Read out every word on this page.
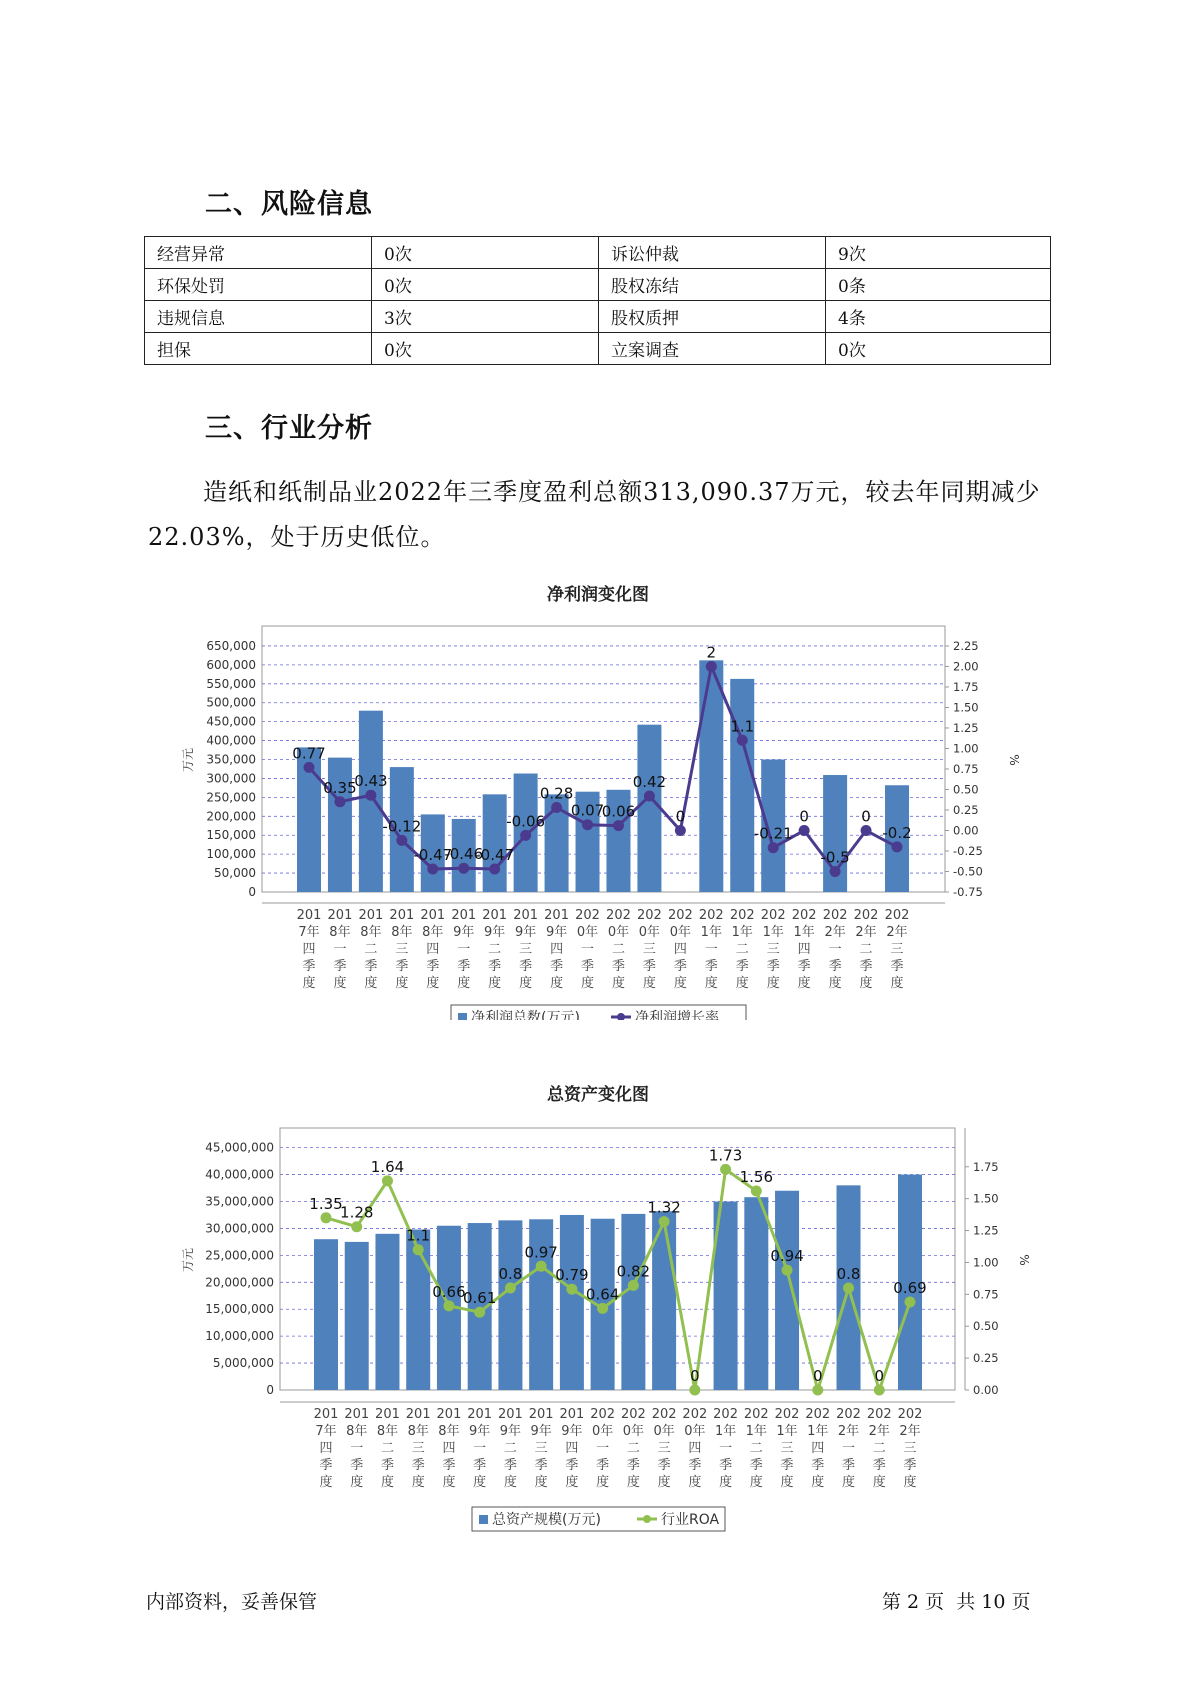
二、风险信息
经营异常	0次	诉讼仲裁	9次
环保处罚	0次	股权冻结	0条
违规信息	3次	股权质押	4条
担保	0次	立案调查	0次
三、行业分析
造纸和纸制品业2022年三季度盈利总额313,090.37万元，较去年同期减少22.03%，处于历史低位。
净利润变化图
0
50,000
100,000
150,000
200,000
250,000
300,000
350,000
400,000
450,000
500,000
550,000
600,000
650,000
-0.75
-0.50
-0.25
0.00
0.25
0.50
0.75
1.00
1.25
1.50
1.75
2.00
2.25
万元	%
201 7年四季度
201 8年一季度
201 8年二季度
201 8年三季度
201 8年四季度
201 9年一季度
201 9年二季度
201 9年三季度
201 9年四季度
202 0年一季度
202 0年二季度
202 0年三季度
202 0年四季度
202 1年一季度
202 1年二季度
202 1年三季度
202 1年四季度
202 2年一季度
202 2年二季度
202 2年三季度
0.77
0.35
0.43
-0.12
-0.47
-0.46
-0.47
-0.06
0.28
0.07
0.06
0.42
0
2
1.1
-0.21
0
-0.5
0
-0.2
净利润总数(万元)	净利润增长率
总资产变化图
0
5,000,000
10,000,000
15,000,000
20,000,000
25,000,000
30,000,000
35,000,000
40,000,000
45,000,000
0.00
0.25
0.50
0.75
1.00
1.25
1.50
1.75
万元	%
201 7年四季度
201 8年一季度
201 8年二季度
201 8年三季度
201 8年四季度
201 9年一季度
201 9年二季度
201 9年三季度
201 9年四季度
202 0年一季度
202 0年二季度
202 0年三季度
202 0年四季度
202 1年一季度
202 1年二季度
202 1年三季度
202 1年四季度
202 2年一季度
202 2年二季度
202 2年三季度
1.35
1.28
1.64
1.1
0.66
0.61
0.8
0.97
0.79
0.64
0.82
1.32
0
1.73
1.56
0.94
0
0.8
0
0.69
总资产规模(万元)	行业ROA
内部资料，妥善保管	第 2 页  共 10 页
